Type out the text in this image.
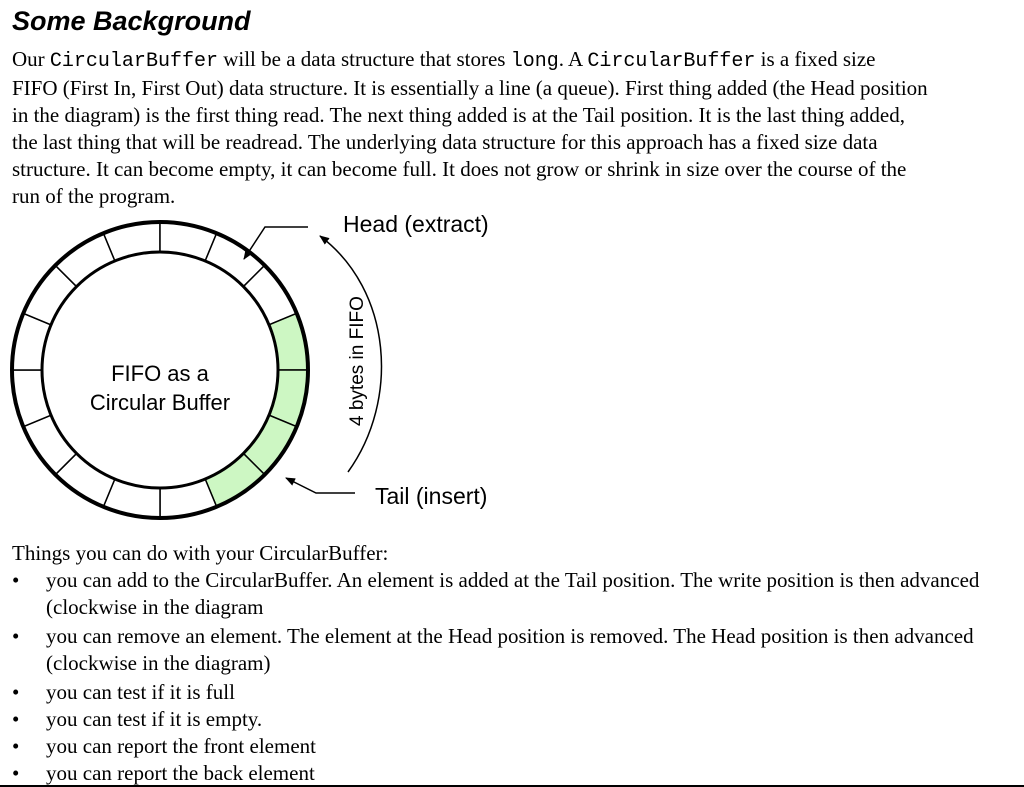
Some Background

Our CircularBuffer will be a data structure that stores long. A CircularBuffer is a fixed size
FIFO (First In, First Out) data structure. It is essentially a line (a queue). First thing added (the Head position
in the diagram) is the first thing read. The next thing added is at the Tail position. It is the last thing added,
the last thing that will be readread. The underlying data structure for this approach has a fixed size data
structure. It can become empty, it can become full. It does not grow or shrink in size over the course of the
run of the program.

FIFO as a
Circular Buffer
Head (extract)
Tail (insert)
4 bytes in FIFO

Things you can do with your CircularBuffer:

• you can add to the CircularBuffer. An element is added at the Tail position. The write position is then advanced (clockwise in the diagram
• you can remove an element. The element at the Head position is removed. The Head position is then advanced (clockwise in the diagram)
• you can test if it is full
• you can test if it is empty.
• you can report the front element
• you can report the back element
